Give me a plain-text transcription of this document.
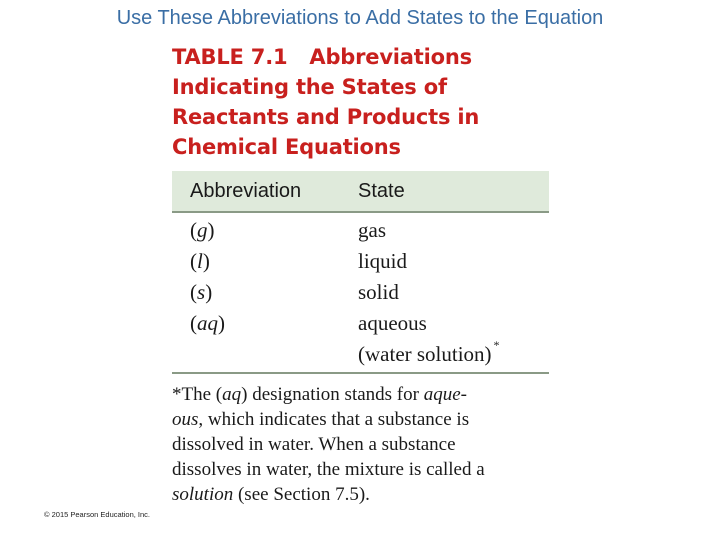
Use These Abbreviations to Add States to the Equation
TABLE 7.1 Abbreviations
Indicating the States of
Reactants and Products in
Chemical Equations
Abbreviation	State
(g)	gas
(l)	liquid
(s)	solid
(aq)	aqueous
(water solution) *
*The (aq) designation stands for aque-
ous, which indicates that a substance is
dissolved in water. When a substance
dissolves in water, the mixture is called a
solution (see Section 7.5).
© 2015 Pearson Education, Inc.
